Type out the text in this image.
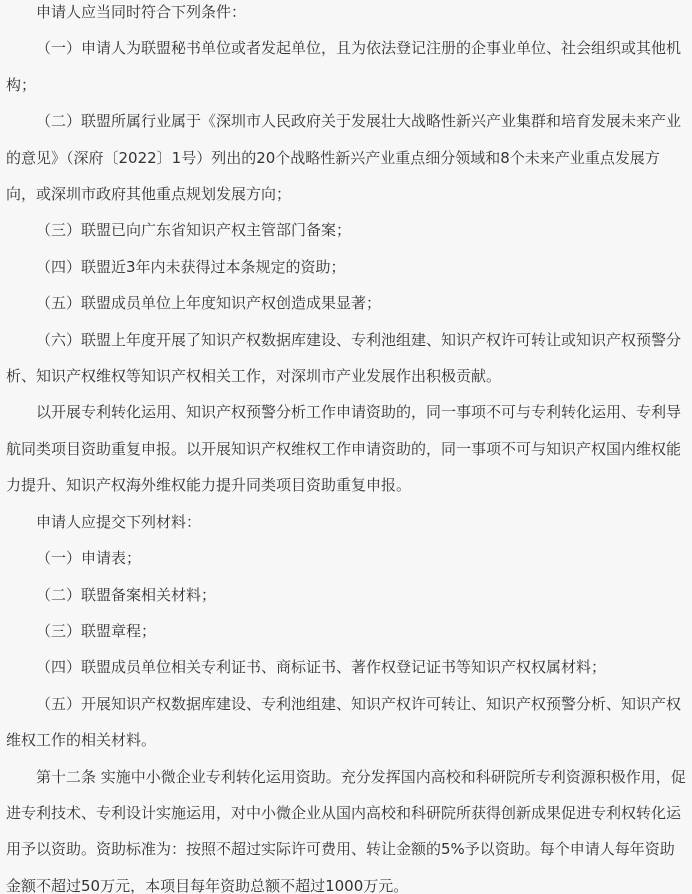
申请人应当同时符合下列条件：

（一）申请人为联盟秘书单位或者发起单位，且为依法登记注册的企事业单位、社会组织或其他机构；

（二）联盟所属行业属于《深圳市人民政府关于发展壮大战略性新兴产业集群和培育发展未来产业的意见》（深府〔2022〕1号）列出的20个战略性新兴产业重点细分领域和8个未来产业重点发展方向，或深圳市政府其他重点规划发展方向；

（三）联盟已向广东省知识产权主管部门备案；

（四）联盟近3年内未获得过本条规定的资助；

（五）联盟成员单位上年度知识产权创造成果显著；

（六）联盟上年度开展了知识产权数据库建设、专利池组建、知识产权许可转让或知识产权预警分析、知识产权维权等知识产权相关工作，对深圳市产业发展作出积极贡献。

以开展专利转化运用、知识产权预警分析工作申请资助的，同一事项不可与专利转化运用、专利导航同类项目资助重复申报。以开展知识产权维权工作申请资助的，同一事项不可与知识产权国内维权能力提升、知识产权海外维权能力提升同类项目资助重复申报。

申请人应提交下列材料：

（一）申请表；

（二）联盟备案相关材料；

（三）联盟章程；

（四）联盟成员单位相关专利证书、商标证书、著作权登记证书等知识产权权属材料；

（五）开展知识产权数据库建设、专利池组建、知识产权许可转让、知识产权预警分析、知识产权维权工作的相关材料。

第十二条 实施中小微企业专利转化运用资助。充分发挥国内高校和科研院所专利资源积极作用，促进专利技术、专利设计实施运用，对中小微企业从国内高校和科研院所获得创新成果促进专利权转化运用予以资助。资助标准为：按照不超过实际许可费用、转让金额的5%予以资助。每个申请人每年资助金额不超过50万元，本项目每年资助总额不超过1000万元。
